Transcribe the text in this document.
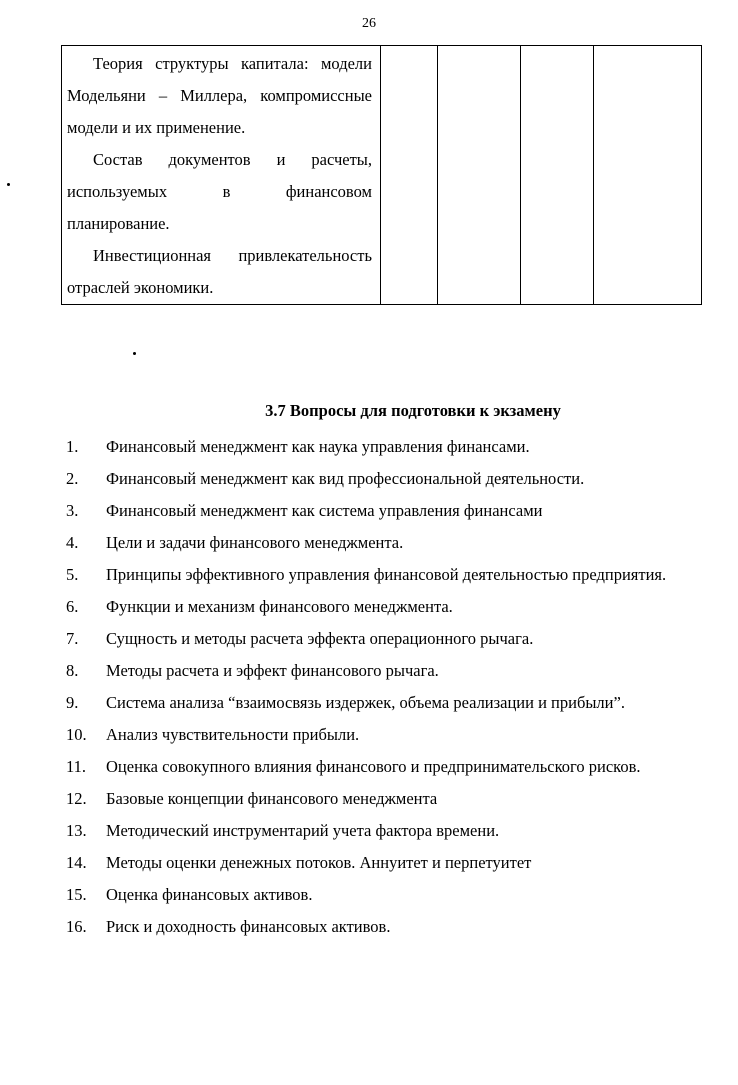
26

Теория структуры капитала: модели Модельяни – Миллера, компромиссные модели и их применение.

Состав документов и расчеты, используемых в финансовом планирование.

Инвестиционная привлекательность отраслей экономики.

3.7 Вопросы для подготовки к экзамену
1. Финансовый менеджмент как наука управления финансами.
2. Финансовый менеджмент как вид профессиональной деятельности.
3. Финансовый менеджмент как система управления финансами
4. Цели и задачи финансового менеджмента.
5. Принципы эффективного управления финансовой деятельностью предприятия.
6. Функции и механизм финансового менеджмента.
7. Сущность и методы расчета эффекта операционного рычага.
8. Методы расчета и эффект финансового рычага.
9. Система анализа “взаимосвязь издержек, объема реализации и прибыли”.
10. Анализ чувствительности прибыли.
11. Оценка совокупного влияния финансового и предпринимательского рисков.
12. Базовые концепции финансового менеджмента
13. Методический инструментарий учета фактора времени.
14. Методы оценки денежных потоков. Аннуитет и перпетуитет
15. Оценка финансовых активов.
16. Риск и доходность финансовых активов.
